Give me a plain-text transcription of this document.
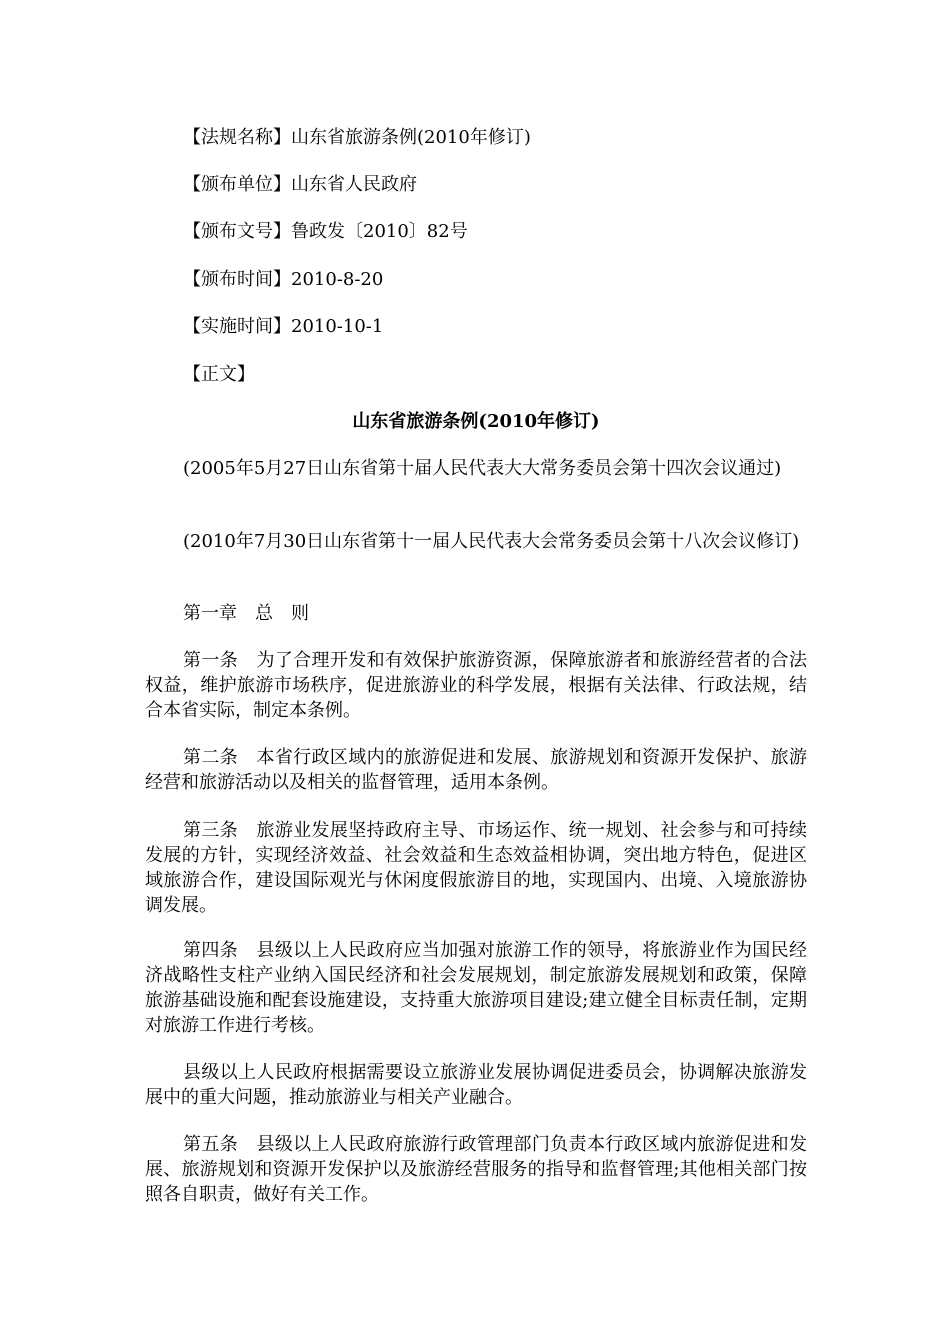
【法规名称】山东省旅游条例(2010年修订)

【颁布单位】山东省人民政府

【颁布文号】鲁政发〔2010〕82号

【颁布时间】2010-8-20

【实施时间】2010-10-1

【正文】

山东省旅游条例(2010年修订)

(2005年5月27日山东省第十届人民代表大大常务委员会第十四次会议通过)

(2010年7月30日山东省第十一届人民代表大会常务委员会第十八次会议修订)

第一章　总　则

第一条　为了合理开发和有效保护旅游资源，保障旅游者和旅游经营者的合法权益，维护旅游市场秩序，促进旅游业的科学发展，根据有关法律、行政法规，结合本省实际，制定本条例。

第二条　本省行政区域内的旅游促进和发展、旅游规划和资源开发保护、旅游经营和旅游活动以及相关的监督管理，适用本条例。

第三条　旅游业发展坚持政府主导、市场运作、统一规划、社会参与和可持续发展的方针，实现经济效益、社会效益和生态效益相协调，突出地方特色，促进区域旅游合作，建设国际观光与休闲度假旅游目的地，实现国内、出境、入境旅游协调发展。

第四条　县级以上人民政府应当加强对旅游工作的领导，将旅游业作为国民经济战略性支柱产业纳入国民经济和社会发展规划，制定旅游发展规划和政策，保障旅游基础设施和配套设施建设，支持重大旅游项目建设;建立健全目标责任制，定期对旅游工作进行考核。

县级以上人民政府根据需要设立旅游业发展协调促进委员会，协调解决旅游发展中的重大问题，推动旅游业与相关产业融合。

第五条　县级以上人民政府旅游行政管理部门负责本行政区域内旅游促进和发展、旅游规划和资源开发保护以及旅游经营服务的指导和监督管理;其他相关部门按照各自职责，做好有关工作。
